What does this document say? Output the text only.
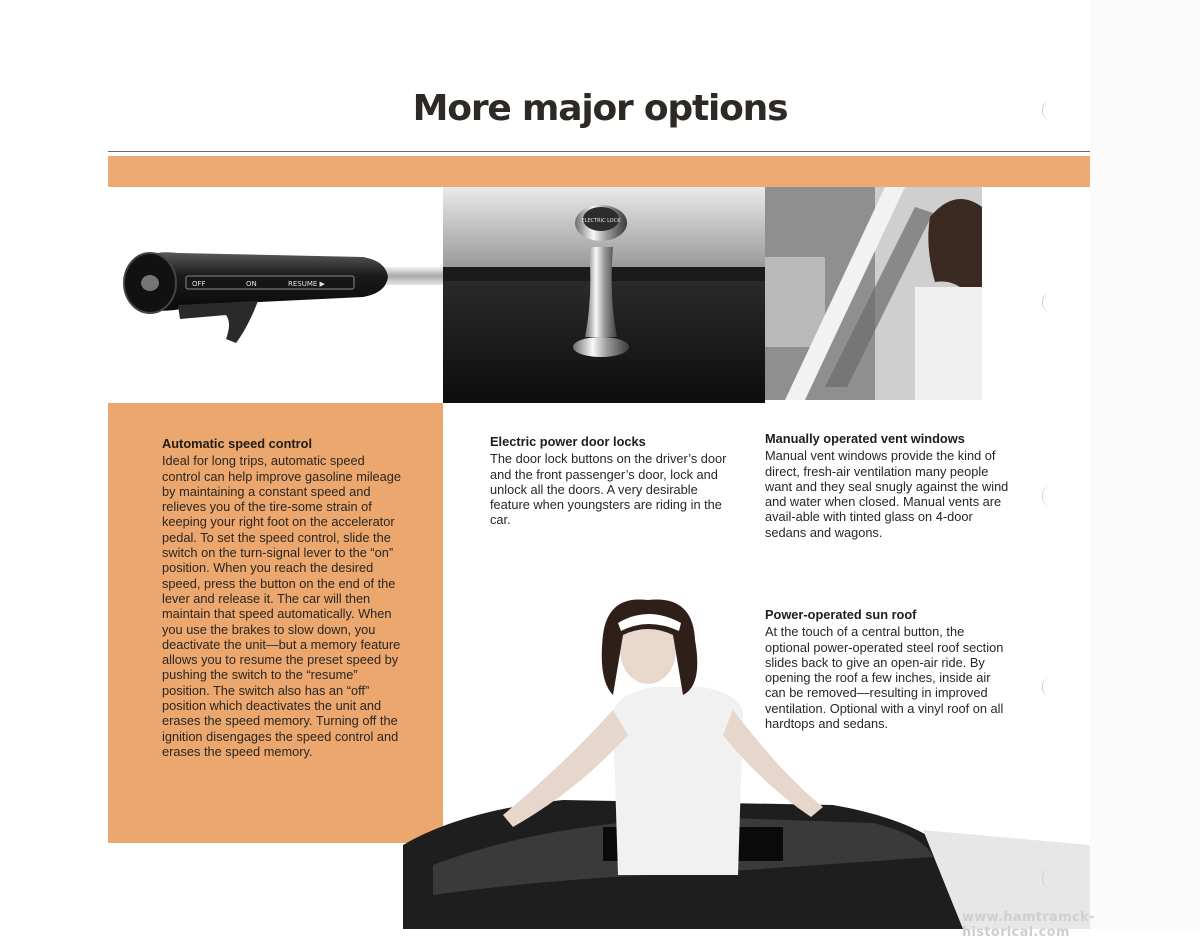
More major options
OFF	ON	RESUME ▶
ELECTRIC LOCK
Automatic speed control

Ideal for long trips, automatic speed control can help improve gasoline mileage by maintaining a constant speed and relieves you of the tire-some strain of keeping your right foot on the accelerator pedal. To set the speed control, slide the switch on the turn-signal lever to the “on” position. When you reach the desired speed, press the button on the end of the lever and release it. The car will then maintain that speed automatically. When you use the brakes to slow down, you deactivate the unit—but a memory feature allows you to resume the preset speed by pushing the switch to the “resume” position. The switch also has an “off” position which deactivates the unit and erases the speed memory. Turning off the ignition disengages the speed control and erases the speed memory.

Electric power door locks

The door lock buttons on the driver’s door and the front passenger’s door, lock and unlock all the doors. A very desirable feature when youngsters are riding in the car.

Manually operated vent windows

Manual vent windows provide the kind of direct, fresh-air ventilation many people want and they seal snugly against the wind and water when closed. Manual vents are avail-able with tinted glass on 4-door sedans and wagons.

Power-operated sun roof

At the touch of a central button, the optional power-operated steel roof section slides back to give an open-air ride. By opening the roof a few inches, inside air can be removed—resulting in improved ventilation. Optional with a vinyl roof on all hardtops and sedans.

www.hamtramck-historical.com
